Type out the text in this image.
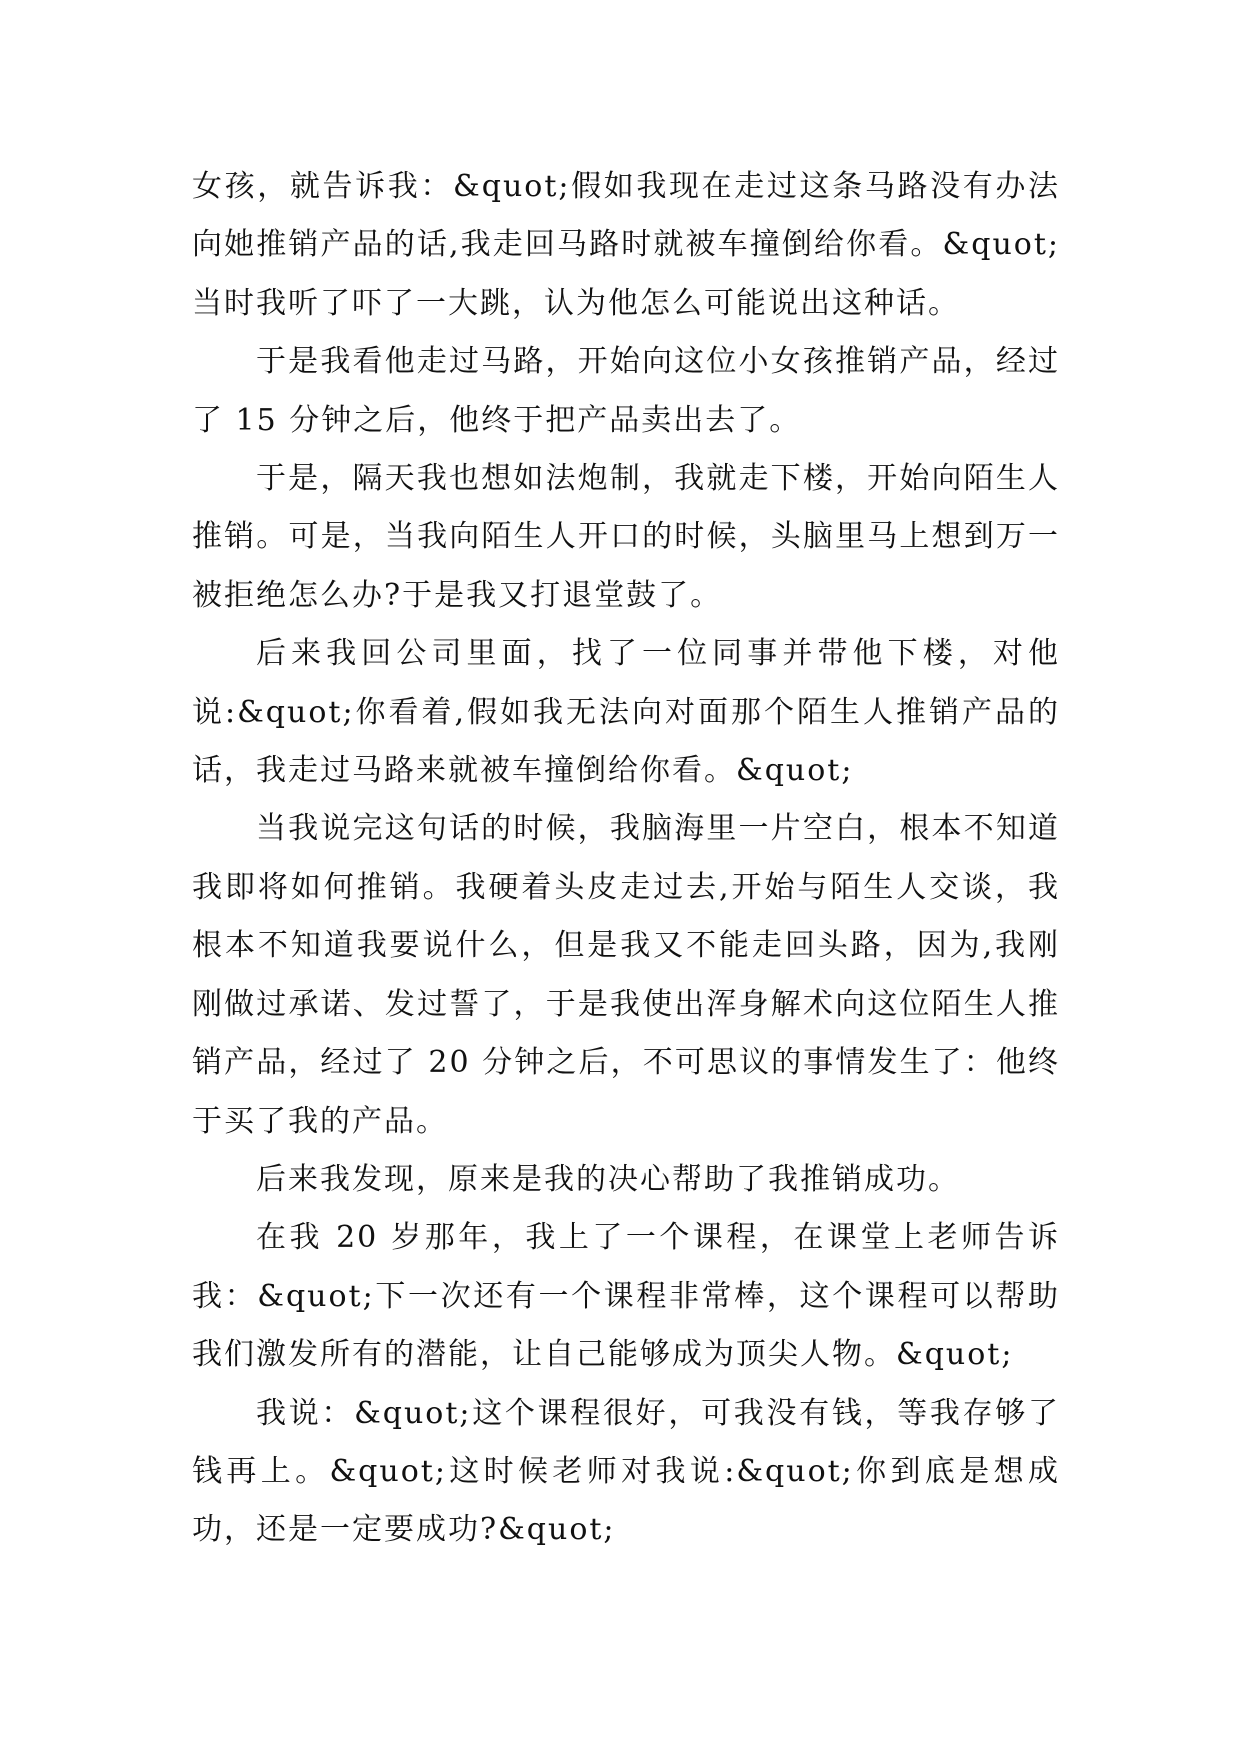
女孩，就告诉我：&quot;假如我现在走过这条马路没有办法向她推销产品的话,我走回马路时就被车撞倒给你看。&quot;当时我听了吓了一大跳，认为他怎么可能说出这种话。

于是我看他走过马路，开始向这位小女孩推销产品，经过了 15 分钟之后，他终于把产品卖出去了。

于是，隔天我也想如法炮制，我就走下楼，开始向陌生人推销。可是，当我向陌生人开口的时候，头脑里马上想到万一被拒绝怎么办?于是我又打退堂鼓了。

后来我回公司里面，找了一位同事并带他下楼，对他说:&quot;你看着,假如我无法向对面那个陌生人推销产品的话，我走过马路来就被车撞倒给你看。&quot;

当我说完这句话的时候，我脑海里一片空白，根本不知道我即将如何推销。我硬着头皮走过去,开始与陌生人交谈，我根本不知道我要说什么，但是我又不能走回头路，因为,我刚刚做过承诺、发过誓了，于是我使出浑身解术向这位陌生人推销产品，经过了 20 分钟之后，不可思议的事情发生了：他终于买了我的产品。

后来我发现，原来是我的决心帮助了我推销成功。

在我 20 岁那年，我上了一个课程，在课堂上老师告诉我：&quot;下一次还有一个课程非常棒，这个课程可以帮助我们激发所有的潜能，让自己能够成为顶尖人物。&quot;

我说：&quot;这个课程很好，可我没有钱，等我存够了钱再上。&quot;这时候老师对我说:&quot;你到底是想成功，还是一定要成功?&quot;
